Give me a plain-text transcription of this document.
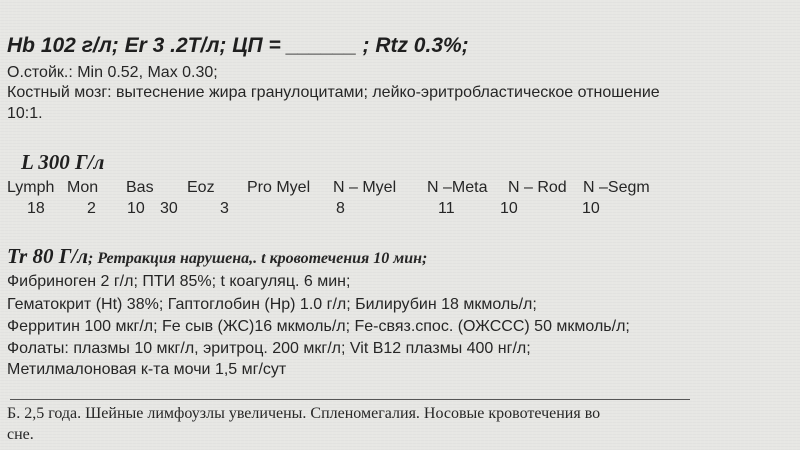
Hb 102 г/л; Er 3 .2Т/л; ЦП = ______ ; Rtz 0.3%;
О.стойк.: Min 0.52, Max 0.30;
Костный мозг: вытеснение жира гранулоцитами; лейко-эритробластическое отношение
10:1.
L 300 Г/л
Lymph Mon Bas Eoz Pro Myel N – Myel N –Meta N – Rod N –Segm
18	2 10 30	3	8	11	10	10
Tr 80 Г/л; Ретракция нарушена,. t кровотечения 10 мин;
Фибриноген 2 г/л; ПТИ 85%; t коагуляц. 6 мин;
Гематокрит (Ht) 38%; Гаптоглобин (Hp) 1.0 г/л; Билирубин 18 мкмоль/л;
Ферритин 100 мкг/л; Fe сыв (ЖС)16 мкмоль/л; Fe-связ.спос. (ОЖССС) 50 мкмоль/л;
Фолаты: плазмы 10 мкг/л, эритроц. 200 мкг/л; Vit B12 плазмы 400 нг/л;
Метилмалоновая к-та мочи 1,5 мг/сут
Б. 2,5 года. Шейные лимфоузлы увеличены. Спленомегалия. Носовые кровотечения во
сне.
